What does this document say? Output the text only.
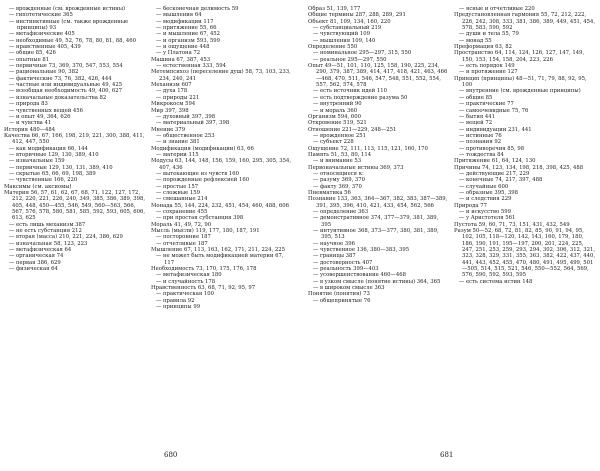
— врожденные (см. врожденные истины)

— гипотетические 365

— инстинктивные (см. также врожденные принципы) 93

— метафизические 405

— необходимые 49, 52, 76, 78, 80, 81, 88, 460

— нравственные 405, 439

— общие 85, 426

— опытные 81

— первичные 73, 369, 370, 547, 553, 554

— рациональные 90, 382

— фактические 73, 76, 382, 426, 444

— частные или индивидуальные 49, 425

— всеобщая необходимость 49, 400, 627

— изначальные доказательства 82

— природа 83

— чувственных вещей 456

— и опыт 49, 364, 626

— и чувства 41

История 480—484

Качества 66, 67, 166, 198, 219, 221, 300, 388, 411, 412, 447, 550

— как модификация 66, 144

— вторичные 129, 130, 389, 410

— изначальные 159

— первичные 129, 130, 131, 389, 410

— скрытые 65, 66, 69, 198, 389

— чувственные 166, 220

Максимы (см. аксиомы)

Материя 56, 57, 61, 62, 67, 68, 71, 122, 127, 172, 212, 220, 221, 226, 240, 349, 385, 386, 389, 398, 405, 448, 450—455, 546, 549, 560—563, 566, 567, 576, 578, 580, 581, 585, 592, 593, 605, 606, 613, 625

— есть лишь механизм 387

— не есть субстанция 212

— вторая (масса) 210, 221, 224, 386, 629

— изначальная 58, 123, 223

— метафизическая 64

— органическая 74

— первая 386, 629

— физическая 64

— бесконечная делимость 59

— мышления 64

— модификации 117

— притяжение 55, 66

— и мышление 67, 452

— и организм 593, 599

— и ощущение 448

— у Платона 72

Машина 67, 387, 453

— естественная 333, 594

Метемпсихоз (переселение душ) 58, 73, 103, 233, 234, 240, 241

Механизм 607

— духа 178

— природы 221

Микрокосм 594

Мир 397, 398

— духовный 397, 398

— материальный 397, 398

Мнение 379

— общественное 253

— и знание 381

Модификация (модификации) 63, 66

— материи 115

Модусы 63, 144, 148, 156, 159, 160, 295, 305, 354, 407, 436

— вытекающие из чувств 160

— порожденные рефлексией 160

— простые 157

— сложные 159

— смешанные 214

Монада 55, 144, 224, 232, 451, 454, 460, 488, 606

— сохранение 455

— при простая субстанция 398

Мораль 41, 49, 72, 90

Мысль (мысли) 119, 177, 180, 187, 191

— посторонние 187

— отчетливые 187

Мышление 67, 113, 163, 162, 171, 211, 224, 225

— не может быть модификацией материи 67, 117

Необходимость 73, 170, 175, 176, 178

— метафизическая 180

— и случайность 178

Нравственность 63, 68, 71, 92, 95, 97

— практическая 100

— правила 92

— принципы 99

680

Образ 51, 139, 177

Общие термины 287, 288, 289, 291

Объект 81, 109, 134, 160, 220

— субстанциальный 219

— чувствующий 109

— мышления 109, 140

Определение 550

— номинальное 295—297, 315, 550

— реальное 295—297, 550

Опыт 49—51, 101, 110, 125, 158, 190, 225, 234, 290, 379, 387, 389, 414, 417, 418, 421, 463, 466—468, 470, 511, 546, 547, 548, 551, 552, 554, 557, 562, 574, 578

— есть источник идей 110

— есть подтверждение разума 50

— внутренний 90

— и мораль 360

Организм 594, 600

Откровение 519, 521

Отношение 221—229, 248—251

— врожденное 251

— субъект 228

Ощущение 72, 111, 113, 115, 121, 160, 170

Память 51, 53, 80, 114

— и внимание 53

Первоначальные истины 369, 373

— относящиеся к:

— разуму 369, 370

— факту 369, 370

Пневматика 56

Познание 133, 363, 364—367, 382, 383, 387—389, 391, 395, 396, 410, 421, 433, 454, 562, 566

— определение 363

— демонстративное 374, 377—379, 381, 389, 395

— интуитивное 368, 373—377, 380, 381, 389, 395, 513

— научное 396

— чувственное 136, 380—383, 395

— границы 387

— достоверность 407

— реальность 399—403

— усовершенствование 460—468

— в узком смысле (понятие истины) 364, 365

— в широком смысле 363

Понятие (понятия) 73

— общепринятые 76

— ясные и отчетливые 220

Предустановленная гармония 55, 72, 212, 222, 226, 242, 308, 333, 381, 386, 389, 449, 451, 454, 578, 583, 590, 592

— души и тела 55, 79

— монад 55

Преформация 63, 82

Пространство 64, 114, 124, 126, 127, 147, 149, 150, 153, 154, 158, 204, 223, 226

— есть порядок 149

— и протяжение 127

Принцип (принципы) 48—51, 71, 79, 88, 92, 95, 100

— внутренние (см. врожденные принципы)

— общие 85

— практические 77

— самоочевидные 75, 76

— бытия 441

— вещей 72

— индивидуации 231, 441

— истинные 76

— познания 92

— противоречия 85, 98

— тождества 84

Притяжение 61, 64, 124, 130

Причины 74, 123, 134, 198, 218, 398, 425, 488

— действующие 217, 229

— конечные 74, 217, 397, 488

— случайные 600

— образные 395, 398

— и следствия 229

Природа 77

— и искусство 599

— у Аристотеля 561

Пустота 59, 60, 71, 73, 151, 431, 432, 549

Разум 50—52, 68, 72, 81, 82, 85, 90, 91, 94, 95, 102, 105, 118—120, 142, 143, 160, 179, 180, 186, 190, 191, 195—197, 200, 201, 224, 225, 247, 251, 253, 259, 293, 294, 302, 306, 312, 321, 323, 328, 329, 331, 355, 363, 382, 422, 437, 440, 441, 443, 452, 455, 470, 480, 491, 495, 499, 501—505, 514, 515, 521, 546, 550—552, 564, 569, 576, 590, 592, 593, 595

— есть система истин 148

681
